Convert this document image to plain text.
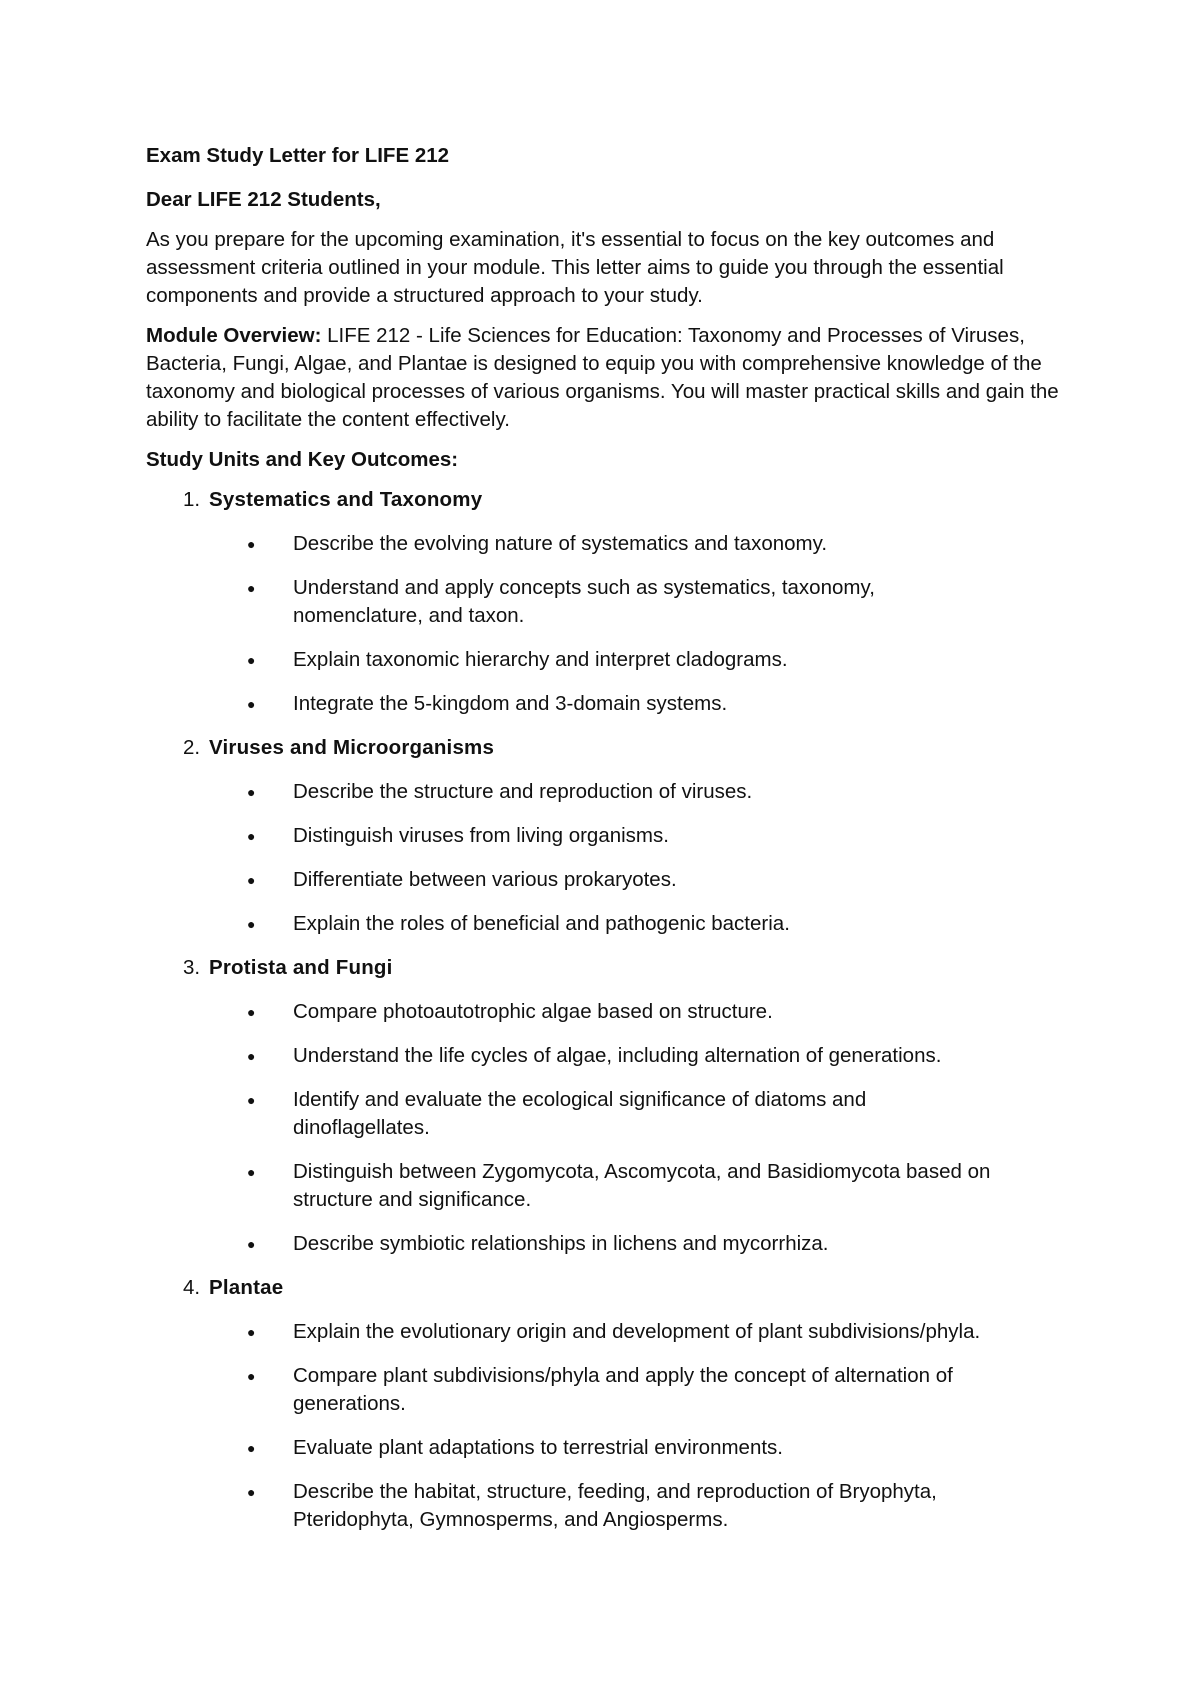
Exam Study Letter for LIFE 212
Dear LIFE 212 Students,

As you prepare for the upcoming examination, it's essential to focus on the key outcomes and assessment criteria outlined in your module. This letter aims to guide you through the essential components and provide a structured approach to your study.

Module Overview: LIFE 212 - Life Sciences for Education: Taxonomy and Processes of Viruses, Bacteria, Fungi, Algae, and Plantae is designed to equip you with comprehensive knowledge of the taxonomy and biological processes of various organisms. You will master practical skills and gain the ability to facilitate the content effectively.

Study Units and Key Outcomes:
1. Systematics and Taxonomy
●	Describe the evolving nature of systematics and taxonomy.
●	Understand and apply concepts such as systematics, taxonomy, nomenclature, and taxon.
●	Explain taxonomic hierarchy and interpret cladograms.
●	Integrate the 5-kingdom and 3-domain systems.
2. Viruses and Microorganisms
●	Describe the structure and reproduction of viruses.
●	Distinguish viruses from living organisms.
●	Differentiate between various prokaryotes.
●	Explain the roles of beneficial and pathogenic bacteria.
3. Protista and Fungi
●	Compare photoautotrophic algae based on structure.
●	Understand the life cycles of algae, including alternation of generations.
●	Identify and evaluate the ecological significance of diatoms and dinoflagellates.
●	Distinguish between Zygomycota, Ascomycota, and Basidiomycota based on structure and significance.
●	Describe symbiotic relationships in lichens and mycorrhiza.
4. Plantae
●	Explain the evolutionary origin and development of plant subdivisions/phyla.
●	Compare plant subdivisions/phyla and apply the concept of alternation of generations.
●	Evaluate plant adaptations to terrestrial environments.
●	Describe the habitat, structure, feeding, and reproduction of Bryophyta, Pteridophyta, Gymnosperms, and Angiosperms.
